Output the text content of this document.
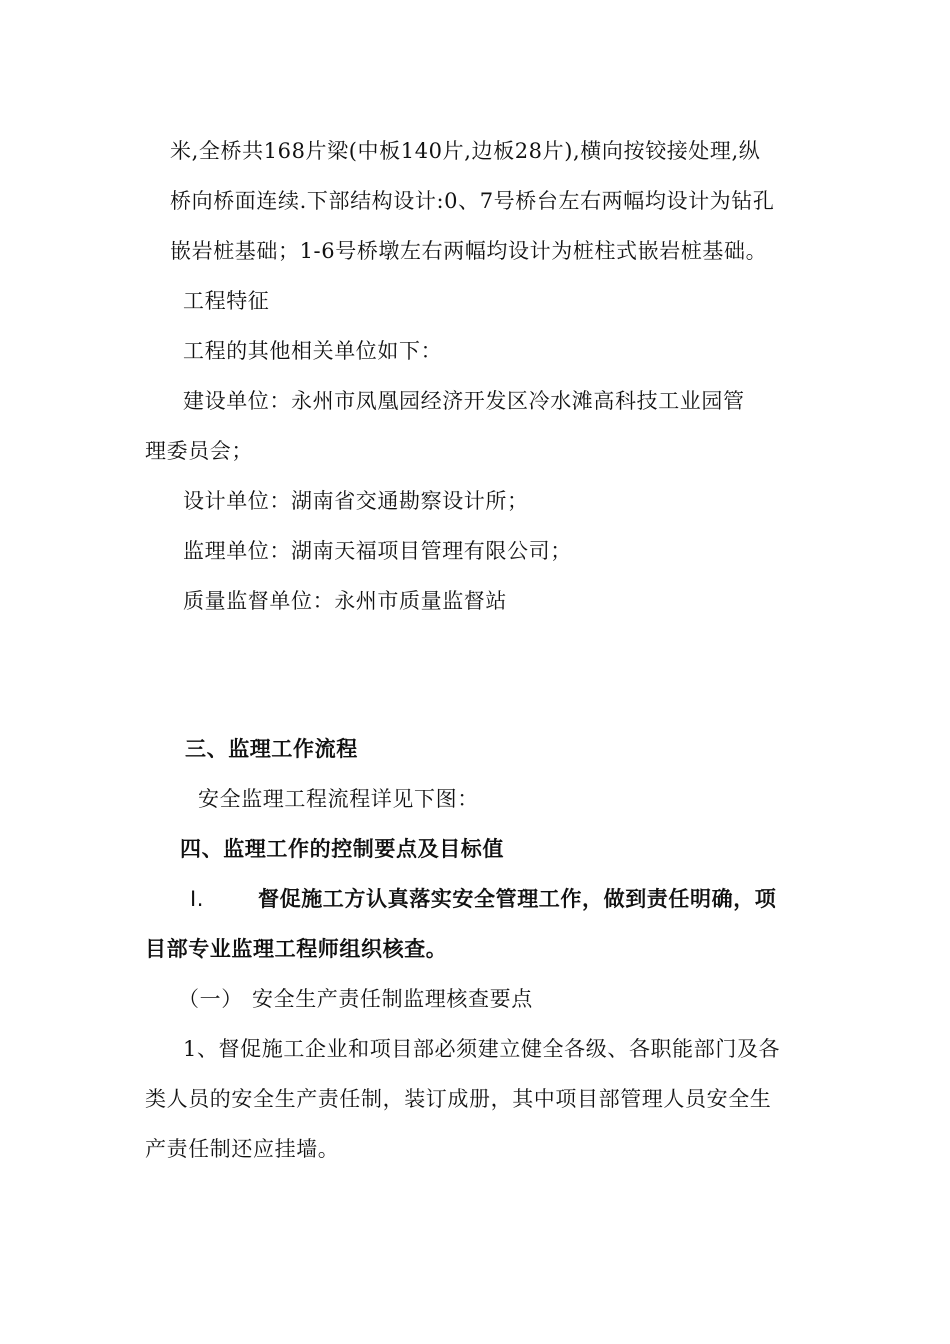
米,全桥共168片梁(中板140片,边板28片),横向按铰接处理,纵
桥向桥面连续.下部结构设计:0、7号桥台左右两幅均设计为钻孔
嵌岩桩基础；1-6号桥墩左右两幅均设计为桩柱式嵌岩桩基础。
工程特征
工程的其他相关单位如下：
建设单位：永州市凤凰园经济开发区冷水滩高科技工业园管
理委员会；
设计单位：湖南省交通勘察设计所；
监理单位：湖南天福项目管理有限公司；
质量监督单位：永州市质量监督站
三、监理工作流程
安全监理工程流程详见下图：
四、监理工作的控制要点及目标值
I.	督促施工方认真落实安全管理工作，做到责任明确，项
目部专业监理工程师组织核查。
（一） 安全生产责任制监理核查要点
1、督促施工企业和项目部必须建立健全各级、各职能部门及各
类人员的安全生产责任制，装订成册，其中项目部管理人员安全生
产责任制还应挂墙。
